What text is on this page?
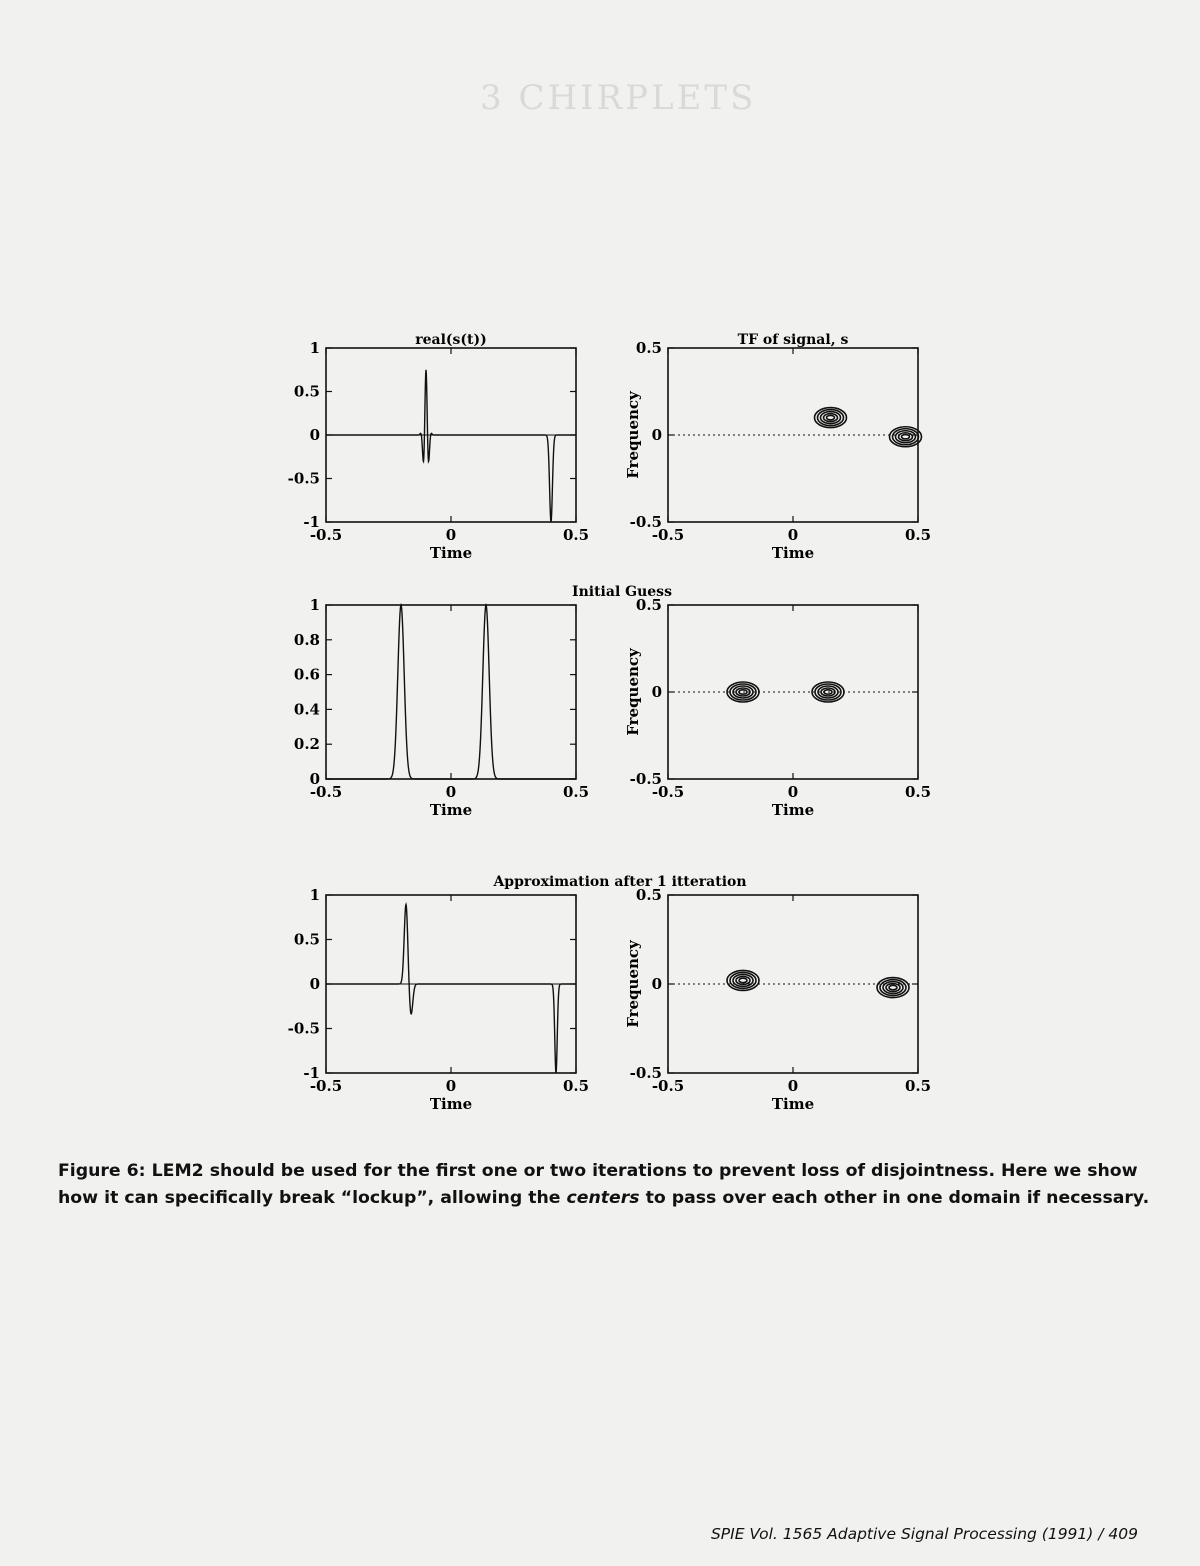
3 CHIRPLETS
-0.5	0	0.5
1
0.5
0
-0.5
-1
Time
real(s(t))
-0.5	0	0.5
0.5
0
-0.5
Time
Frequency
TF of signal, s
Initial Guess
-0.5	0	0.5
1
0.8
0.6
0.4
0.2
0
Time
-0.5	0	0.5
0.5
0
-0.5
Time
Frequency
Approximation after 1 itteration
-0.5	0	0.5
1
0.5
0
-0.5
-1
Time
-0.5	0	0.5
0.5
0
-0.5
Time
Frequency
Figure 6: LEM2 should be used for the first one or two iterations to prevent loss of disjointness. Here we show how it can specifically break “lockup”, allowing the centers to pass over each other in one domain if necessary.
SPIE Vol. 1565 Adaptive Signal Processing (1991) / 409
